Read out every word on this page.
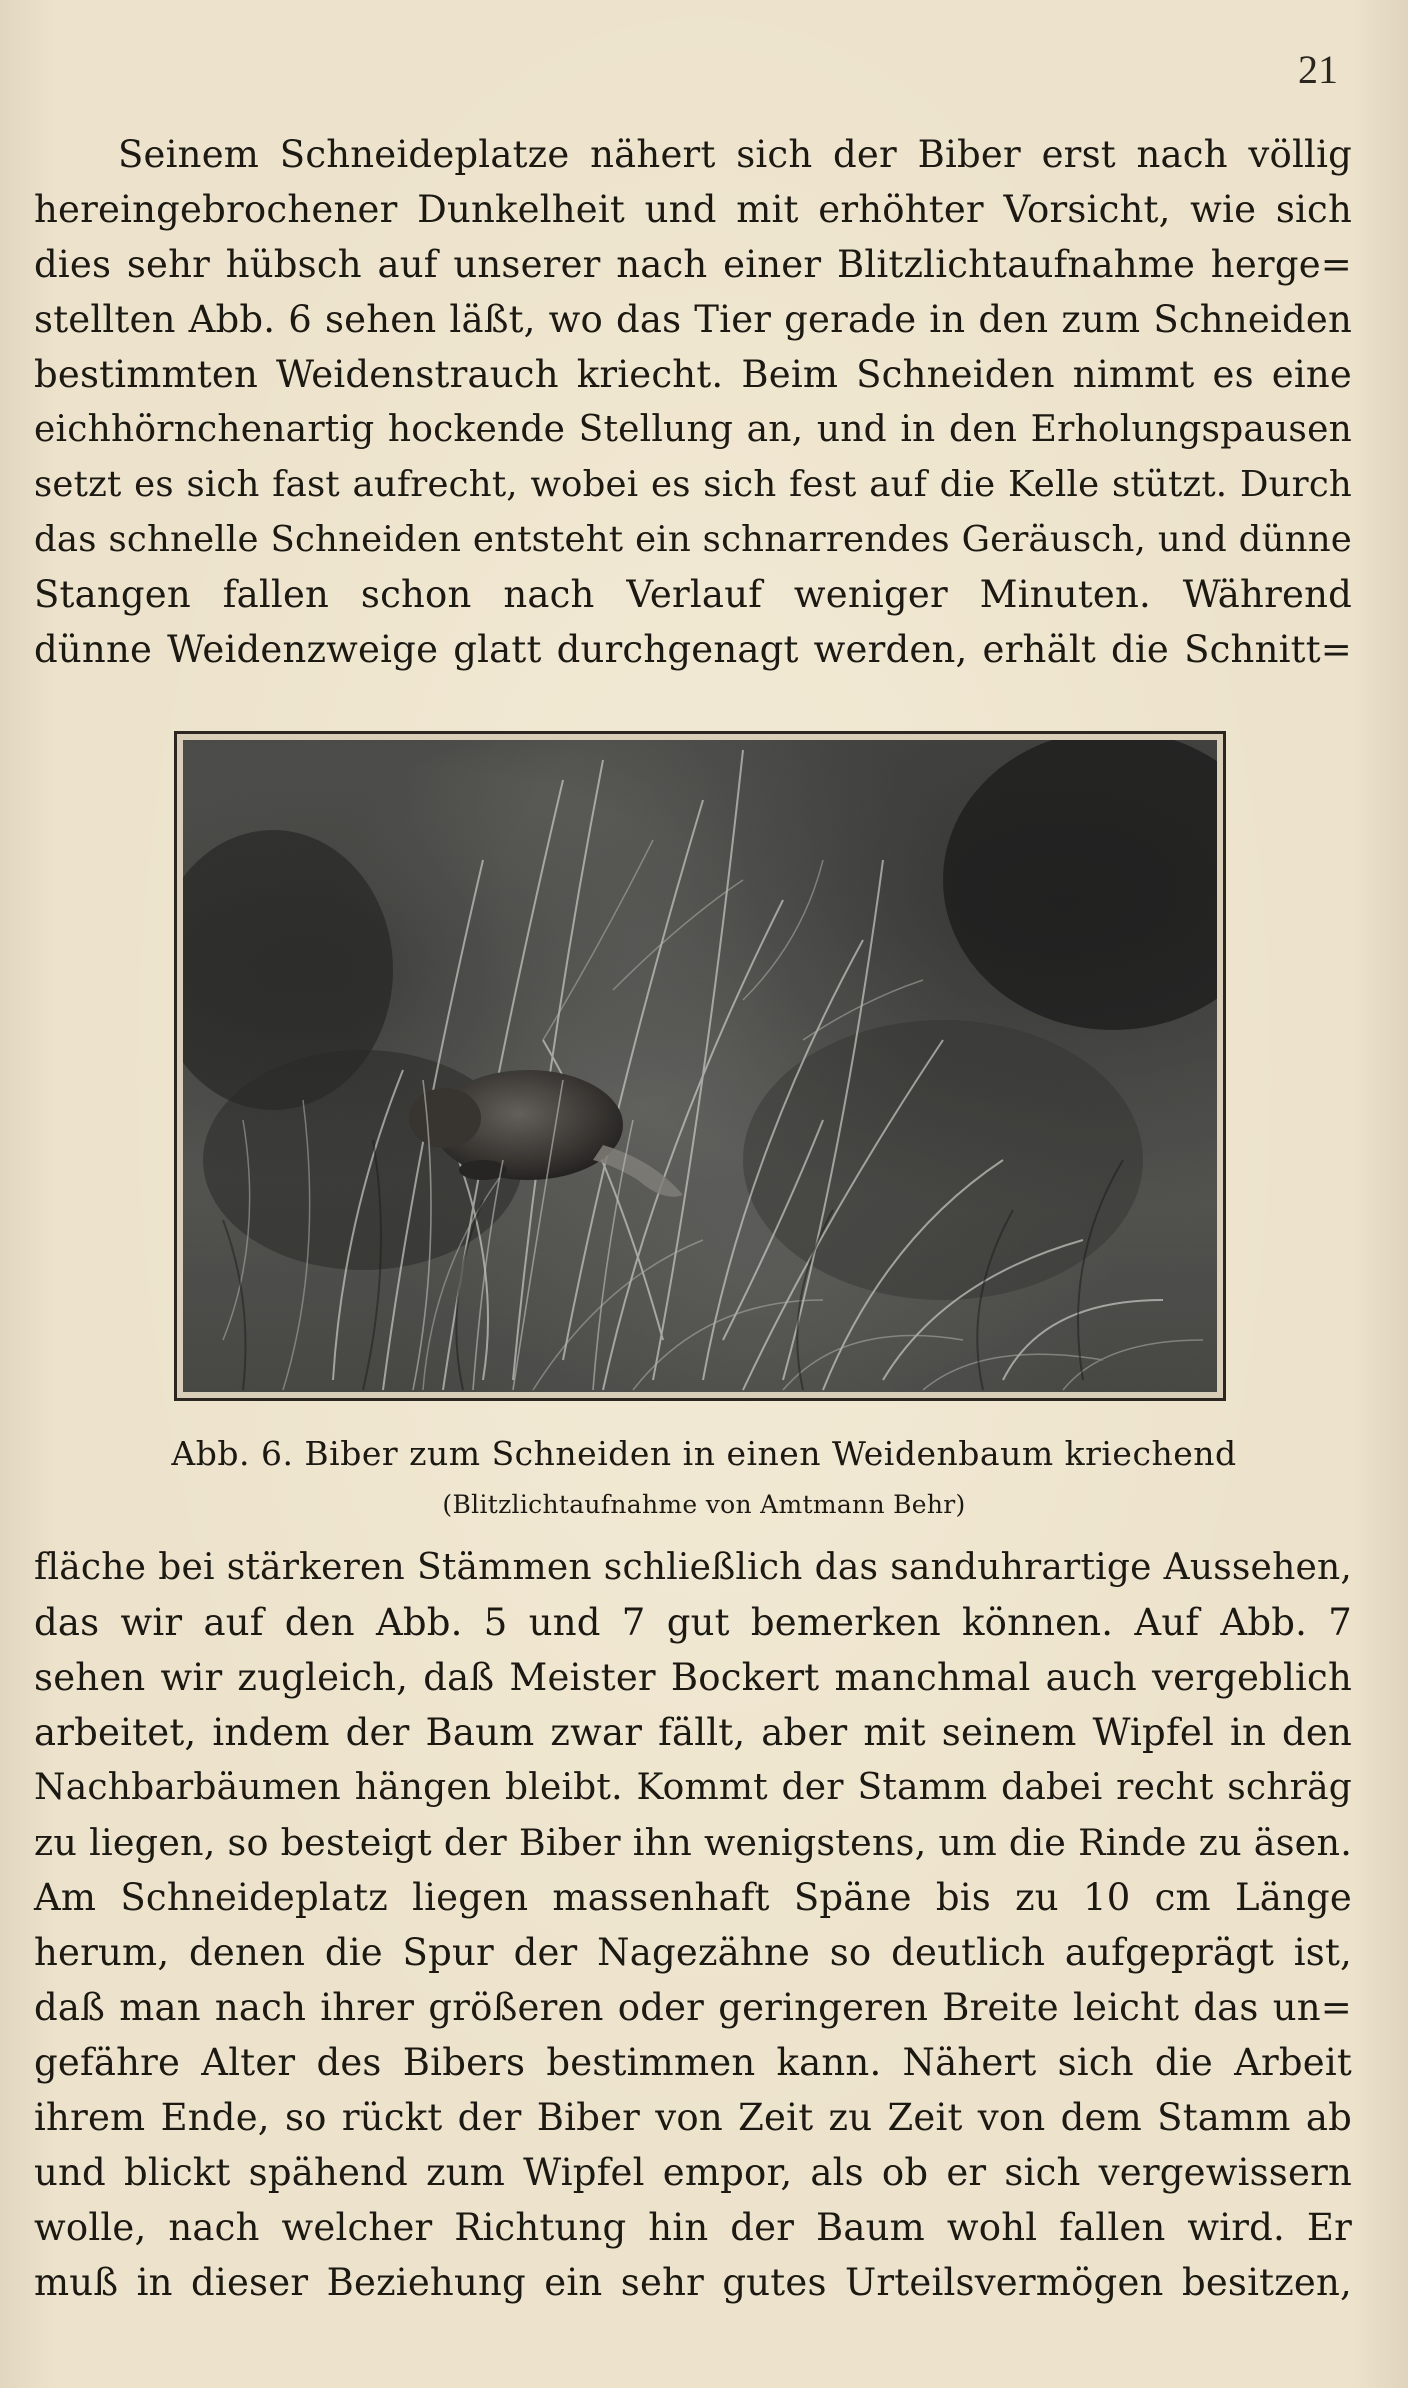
21
Seinem Schneideplatze nähert sich der Biber erst nach völlig
hereingebrochener Dunkelheit und mit erhöhter Vorsicht, wie sich
dies sehr hübsch auf unserer nach einer Blitzlichtaufnahme herge=
stellten Abb. 6 sehen läßt, wo das Tier gerade in den zum Schneiden
bestimmten Weidenstrauch kriecht. Beim Schneiden nimmt es eine
eichhörnchenartig hockende Stellung an, und in den Erholungspausen
setzt es sich fast aufrecht, wobei es sich fest auf die Kelle stützt. Durch
das schnelle Schneiden entsteht ein schnarrendes Geräusch, und dünne
Stangen fallen schon nach Verlauf weniger Minuten. Während
dünne Weidenzweige glatt durchgenagt werden, erhält die Schnitt=
Abb. 6. Biber zum Schneiden in einen Weidenbaum kriechend
(Blitzlichtaufnahme von Amtmann Behr)
fläche bei stärkeren Stämmen schließlich das sanduhrartige Aussehen,
das wir auf den Abb. 5 und 7 gut bemerken können. Auf Abb. 7
sehen wir zugleich, daß Meister Bockert manchmal auch vergeblich
arbeitet, indem der Baum zwar fällt, aber mit seinem Wipfel in den
Nachbarbäumen hängen bleibt. Kommt der Stamm dabei recht schräg
zu liegen, so besteigt der Biber ihn wenigstens, um die Rinde zu äsen.
Am Schneideplatz liegen massenhaft Späne bis zu 10 cm Länge
herum, denen die Spur der Nagezähne so deutlich aufgeprägt ist,
daß man nach ihrer größeren oder geringeren Breite leicht das un=
gefähre Alter des Bibers bestimmen kann. Nähert sich die Arbeit
ihrem Ende, so rückt der Biber von Zeit zu Zeit von dem Stamm ab
und blickt spähend zum Wipfel empor, als ob er sich vergewissern
wolle, nach welcher Richtung hin der Baum wohl fallen wird. Er
muß in dieser Beziehung ein sehr gutes Urteilsvermögen besitzen,
